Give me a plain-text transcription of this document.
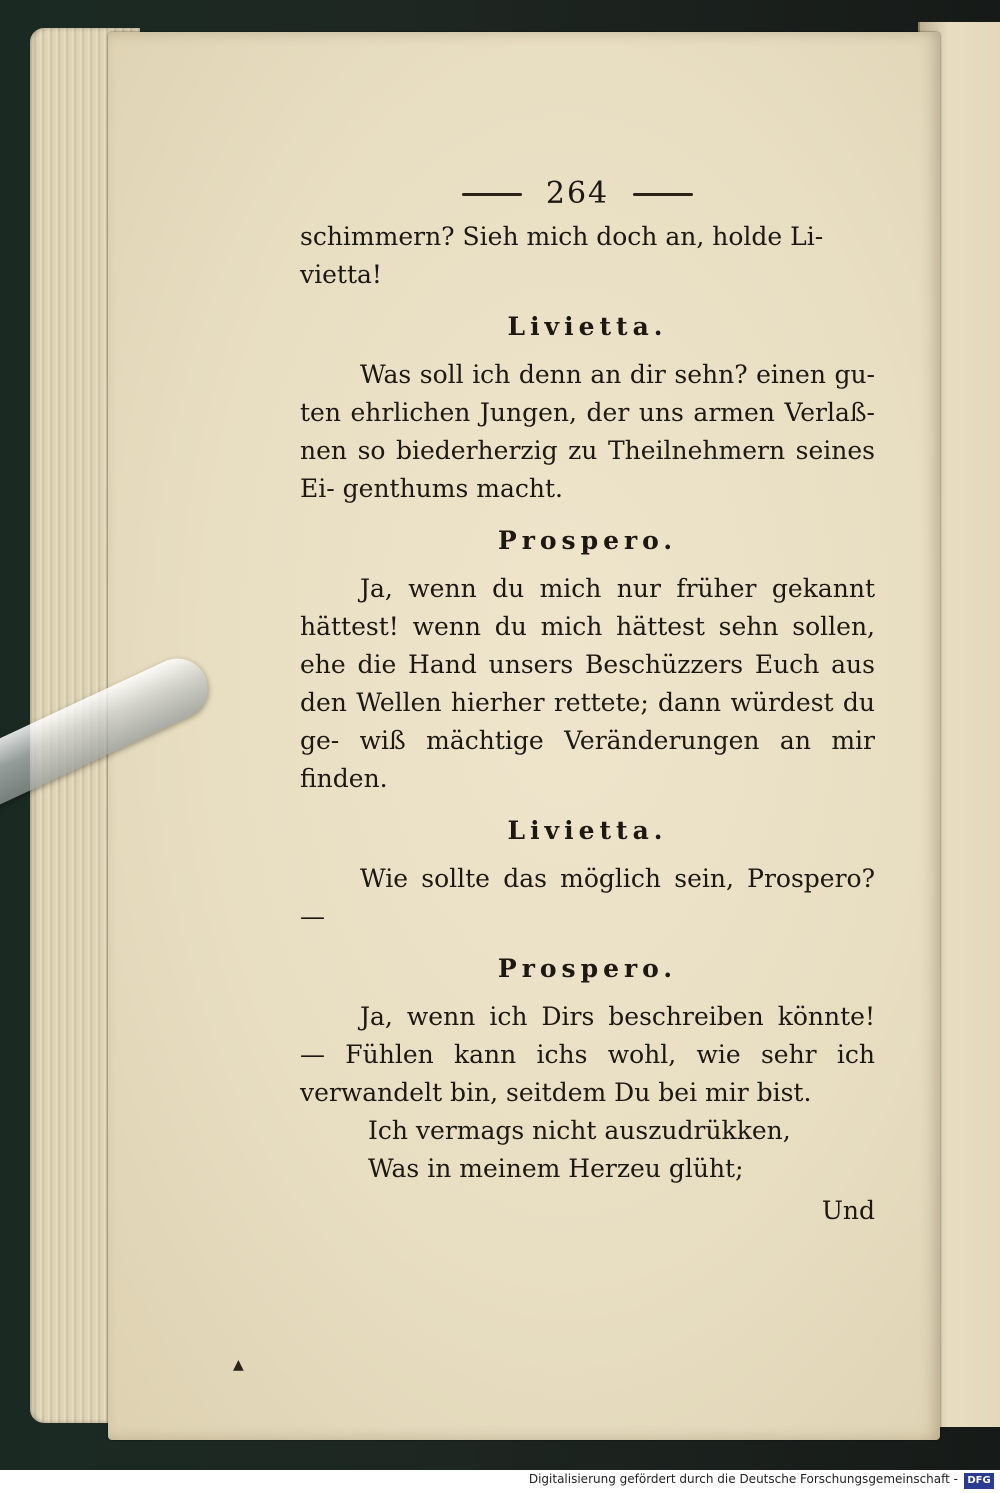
264

schimmern? Sieh mich doch an, holde Li-

vietta!

Livietta.

Was soll ich denn an dir sehn? einen gu- ten ehrlichen Jungen, der uns armen Verlaß- nen so biederherzig zu Theilnehmern seines Ei- genthums macht.

Prospero.

Ja, wenn du mich nur früher gekannt hättest! wenn du mich hättest sehn sollen, ehe die Hand unsers Beschüzzers Euch aus den Wellen hierher rettete; dann würdest du ge- wiß mächtige Veränderungen an mir finden.

Livietta.

Wie sollte das möglich sein, Prospero? —

Prospero.

Ja, wenn ich Dirs beschreiben könnte! — Fühlen kann ichs wohl, wie sehr ich verwandelt bin, seitdem Du bei mir bist.

Ich vermags nicht auszudrükken,

Was in meinem Herzeu glüht;

Und

▲
Digitalisierung gefördert durch die Deutsche Forschungsgemeinschaft - DFG
